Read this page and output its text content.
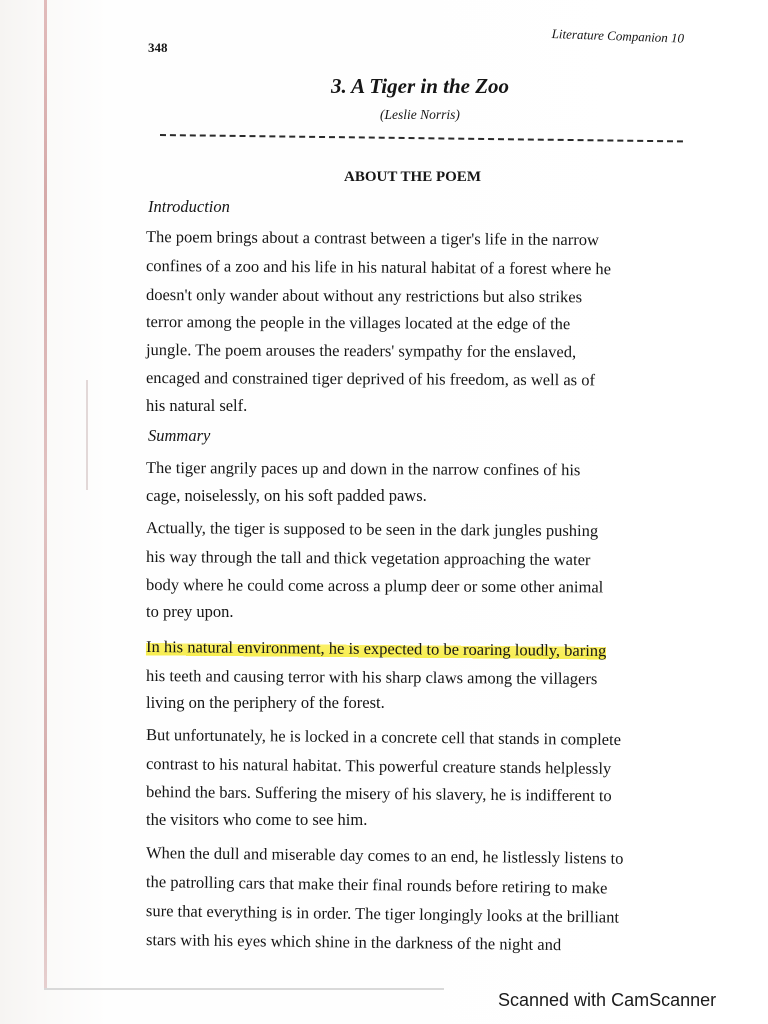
348
Literature Companion 10
3. A Tiger in the Zoo
(Leslie Norris)
ABOUT THE POEM
Introduction
The poem brings about a contrast between a tiger's life in the narrow
confines of a zoo and his life in his natural habitat of a forest where he
doesn't only wander about without any restrictions but also strikes
terror among the people in the villages located at the edge of the
jungle. The poem arouses the readers' sympathy for the enslaved,
encaged and constrained tiger deprived of his freedom, as well as of
his natural self.
Summary
The tiger angrily paces up and down in the narrow confines of his
cage, noiselessly, on his soft padded paws.
Actually, the tiger is supposed to be seen in the dark jungles pushing
his way through the tall and thick vegetation approaching the water
body where he could come across a plump deer or some other animal
to prey upon.
In his natural environment, he is expected to be roaring loudly, baring
his teeth and causing terror with his sharp claws among the villagers
living on the periphery of the forest.
But unfortunately, he is locked in a concrete cell that stands in complete
contrast to his natural habitat. This powerful creature stands helplessly
behind the bars. Suffering the misery of his slavery, he is indifferent to
the visitors who come to see him.
When the dull and miserable day comes to an end, he listlessly listens to
the patrolling cars that make their final rounds before retiring to make
sure that everything is in order. The tiger longingly looks at the brilliant
stars with his eyes which shine in the darkness of the night and
Scanned with CamScanner
